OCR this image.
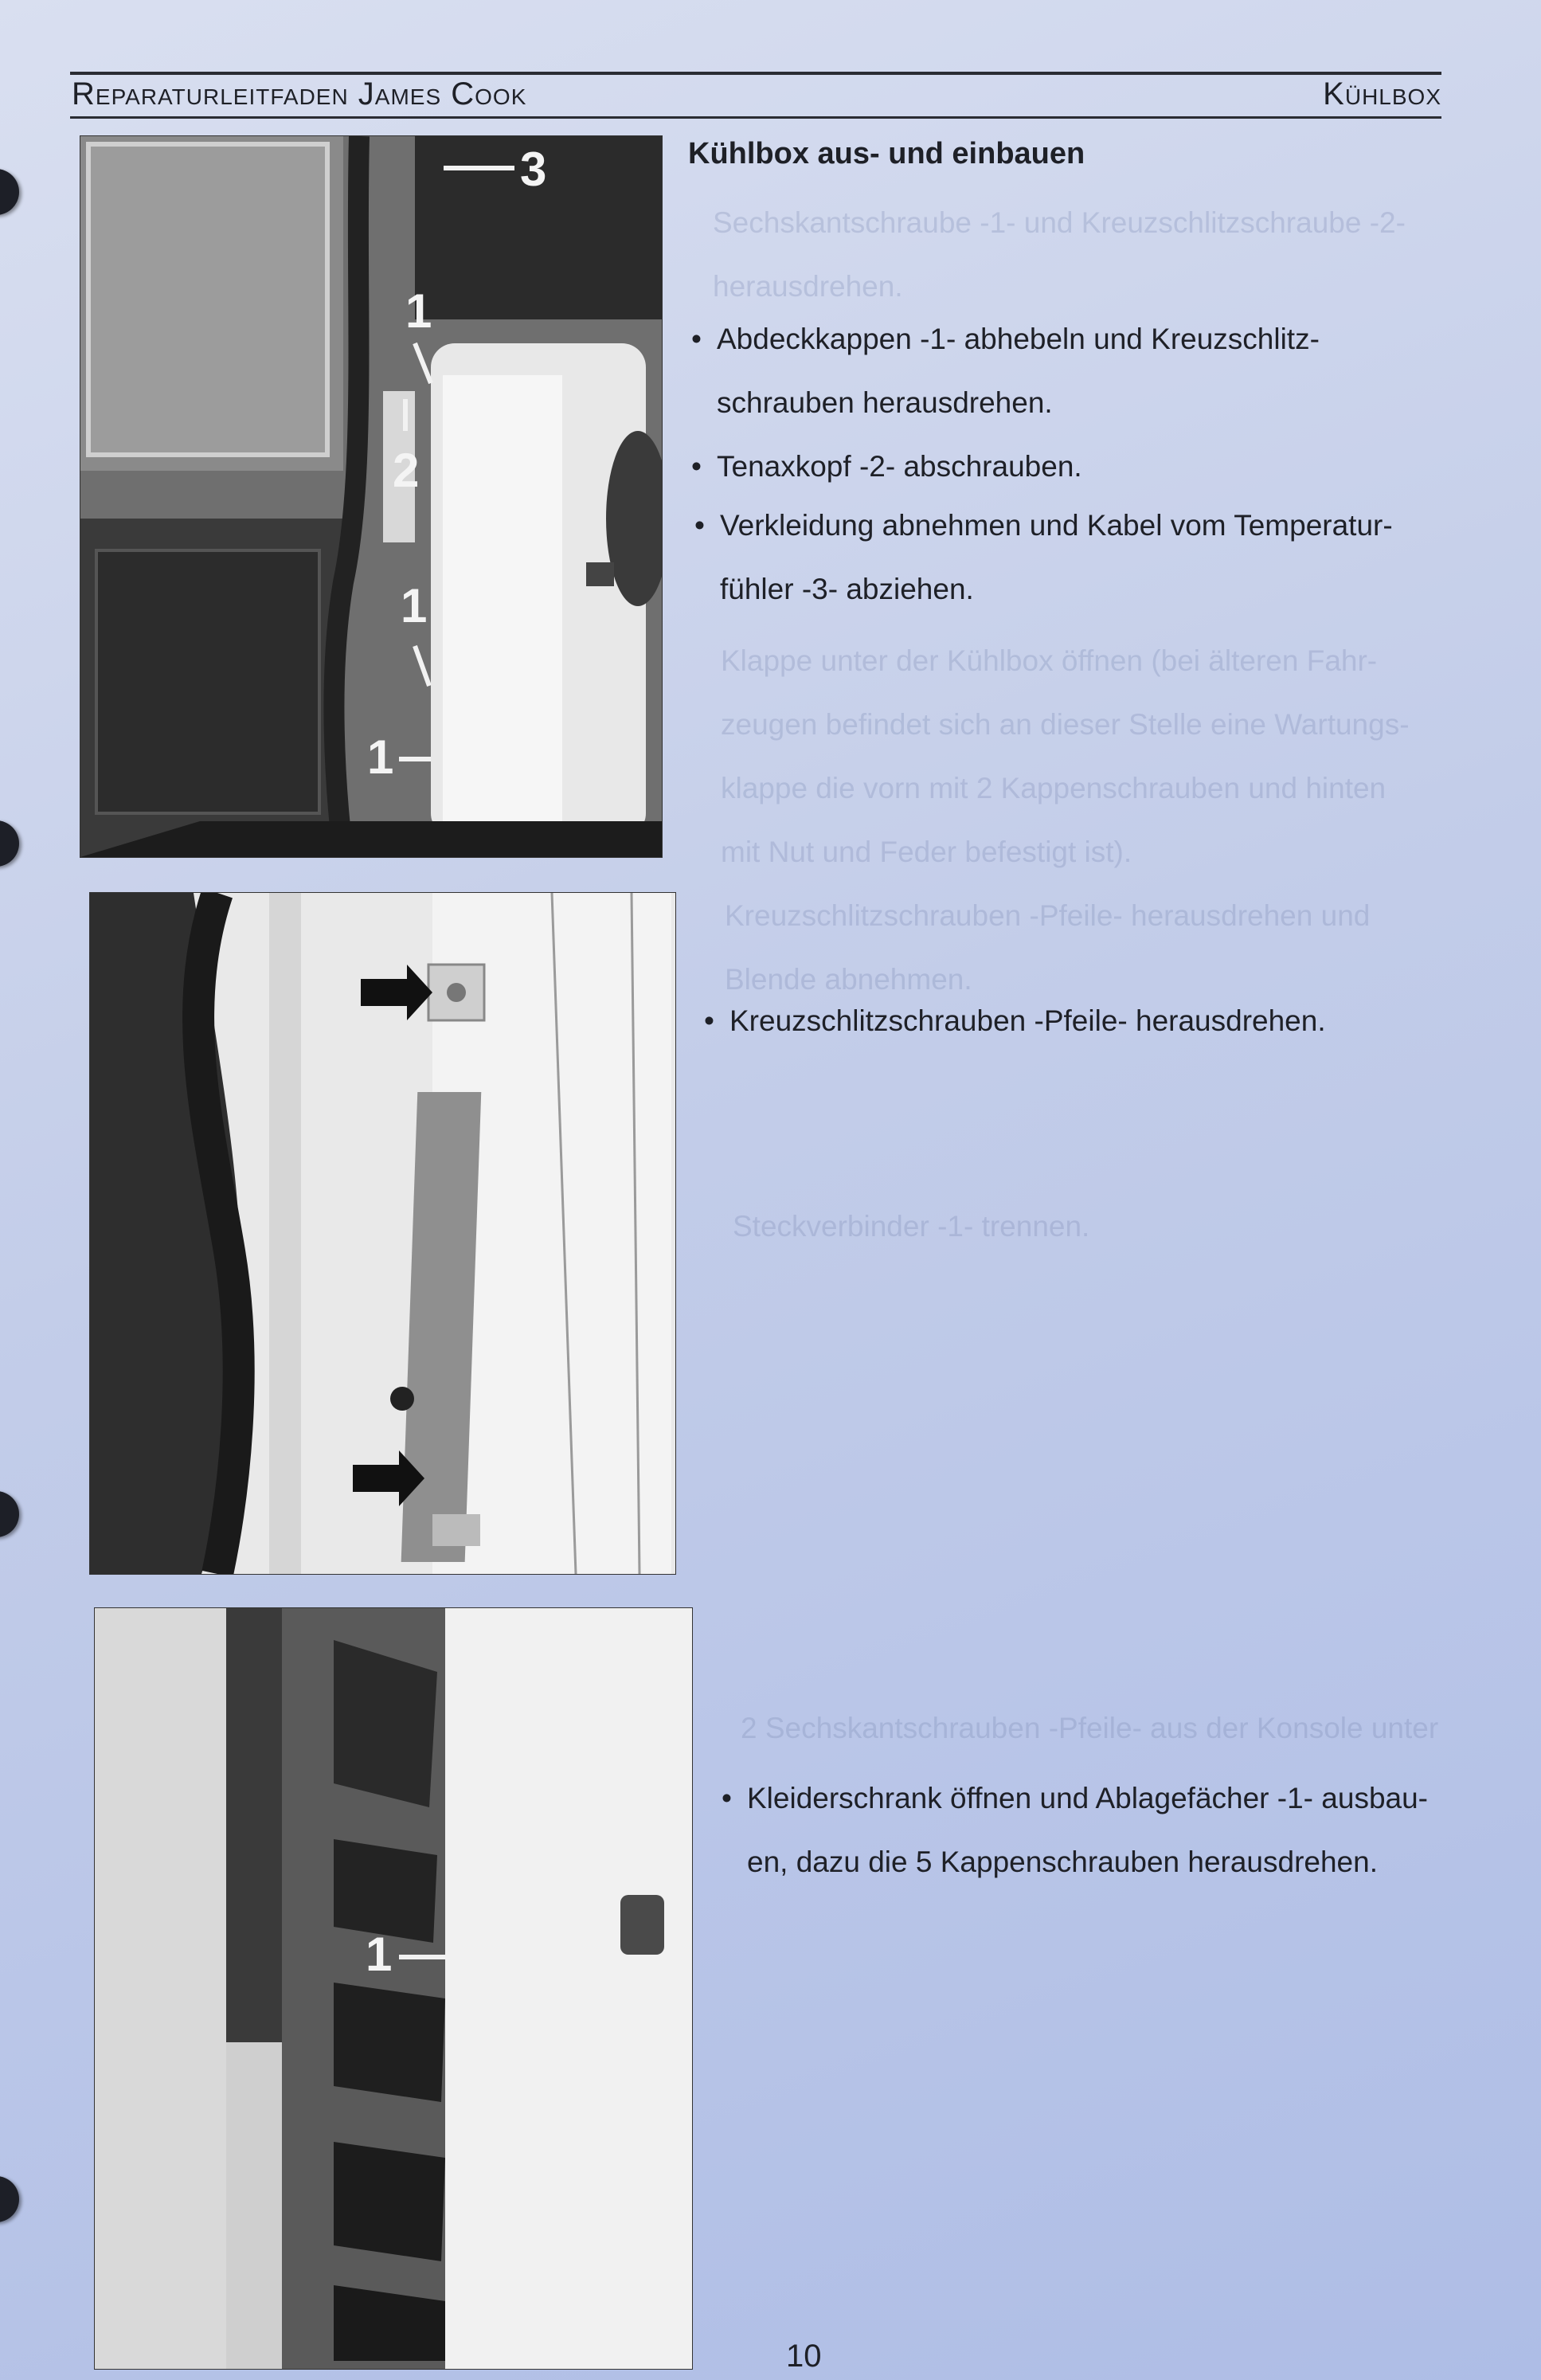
Reparaturleitfaden James Cook	Kühlbox
3
1
2
1
1
1
Sechskantschraube -1- und Kreuzschlitzschraube -2-
herausdrehen.
Klappe unter der Kühlbox öffnen (bei älteren Fahr-
zeugen befindet sich an dieser Stelle eine Wartungs-
klappe die vorn mit 2 Kappenschrauben und hinten
mit Nut und Feder befestigt ist).
Kreuzschlitzschrauben -Pfeile- herausdrehen und
Blende abnehmen.
Steckverbinder -1- trennen.
2 Sechskantschrauben -Pfeile- aus der Konsole unter
Kühlbox aus- und einbauen
• Abdeckkappen -1- abhebeln und Kreuzschlitz-
schrauben herausdrehen.
• Tenaxkopf -2- abschrauben.
• Verkleidung abnehmen und Kabel vom Temperatur-
fühler -3- abziehen.
• Kreuzschlitzschrauben -Pfeile- herausdrehen.
• Kleiderschrank öffnen und Ablagefächer -1- ausbau-
en, dazu die 5 Kappenschrauben herausdrehen.
10
